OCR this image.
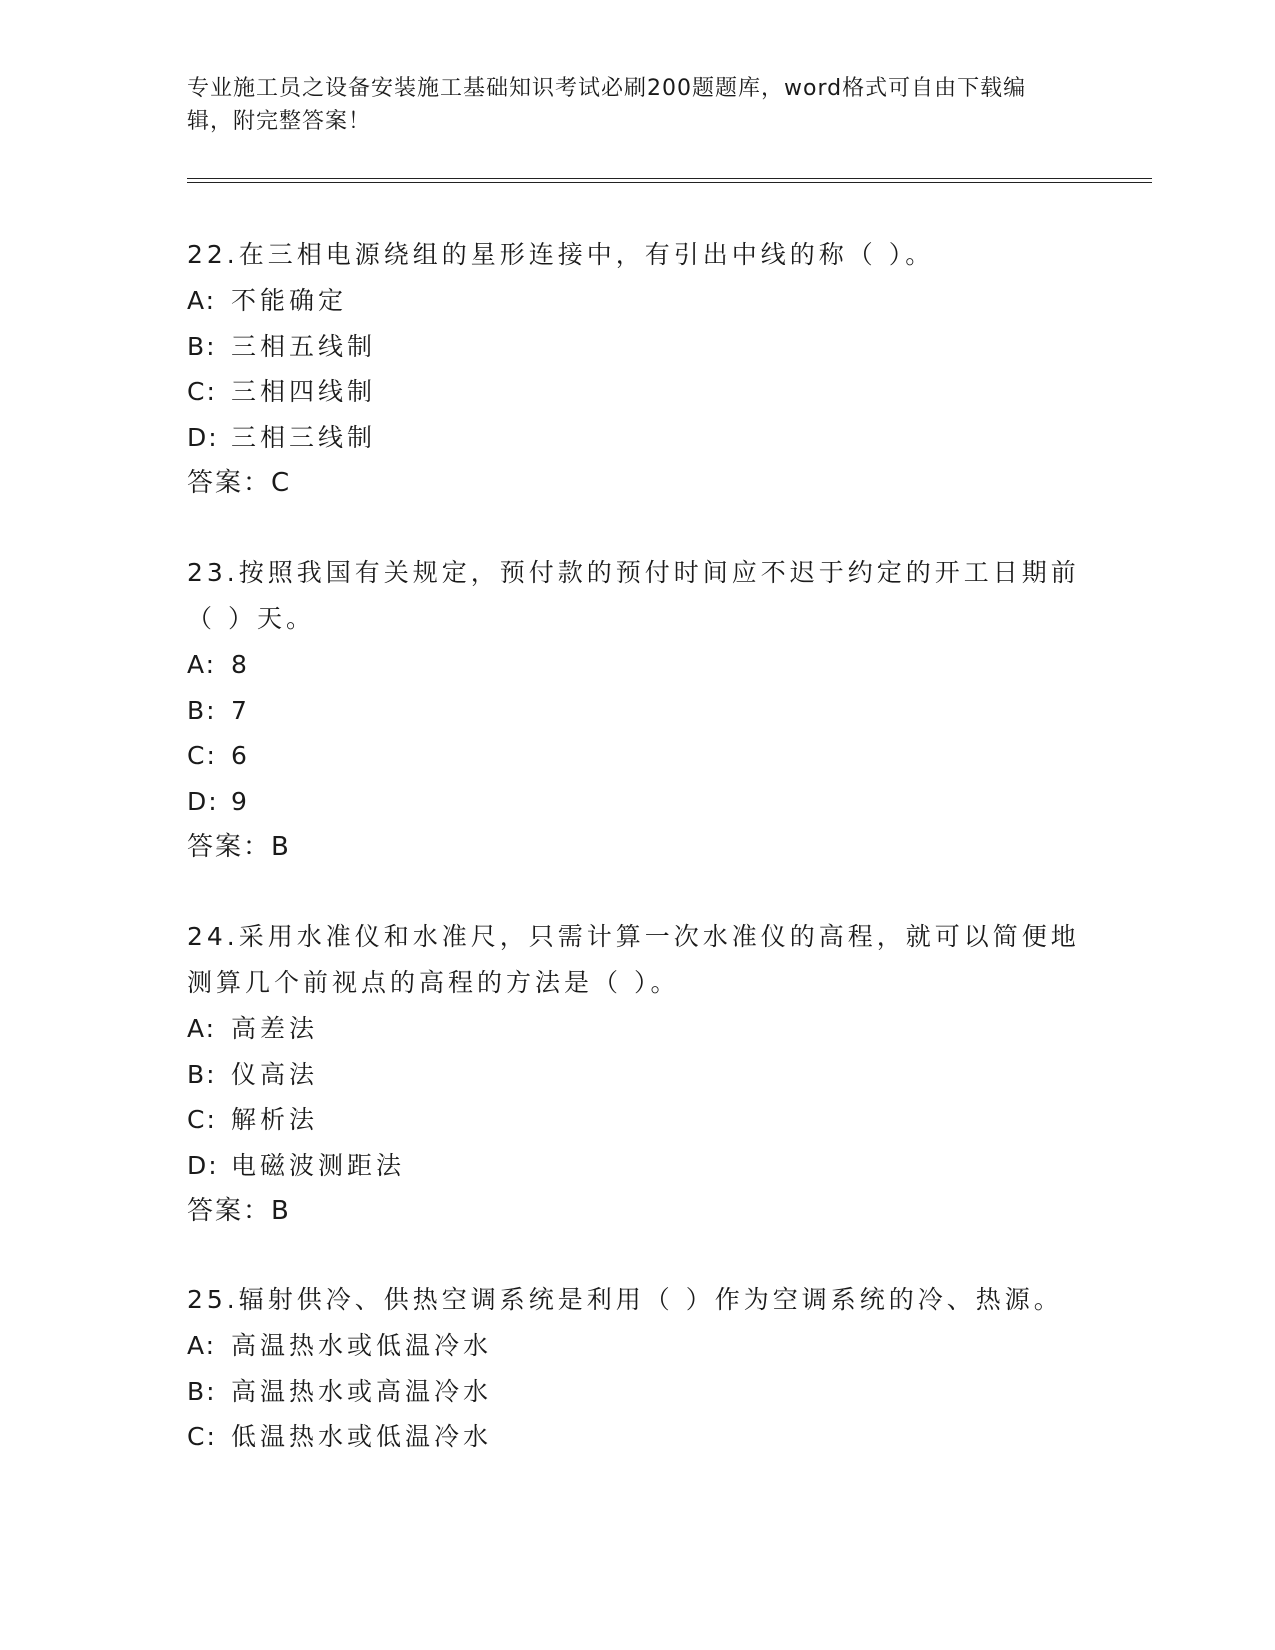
专业施工员之设备安装施工基础知识考试必刷200题题库，word格式可自由下载编辑，附完整答案！

22.在三相电源绕组的星形连接中，有引出中线的称（ ）。

A: 不能确定

B: 三相五线制

C: 三相四线制

D: 三相三线制

答案：C

23.按照我国有关规定，预付款的预付时间应不迟于约定的开工日期前（ ）天。

A: 8

B: 7

C: 6

D: 9

答案：B

24.采用水准仪和水准尺，只需计算一次水准仪的高程，就可以简便地测算几个前视点的高程的方法是（ ）。

A: 高差法

B: 仪高法

C: 解析法

D: 电磁波测距法

答案：B

25.辐射供冷、供热空调系统是利用（ ）作为空调系统的冷、热源。

A: 高温热水或低温冷水

B: 高温热水或高温冷水

C: 低温热水或低温冷水
